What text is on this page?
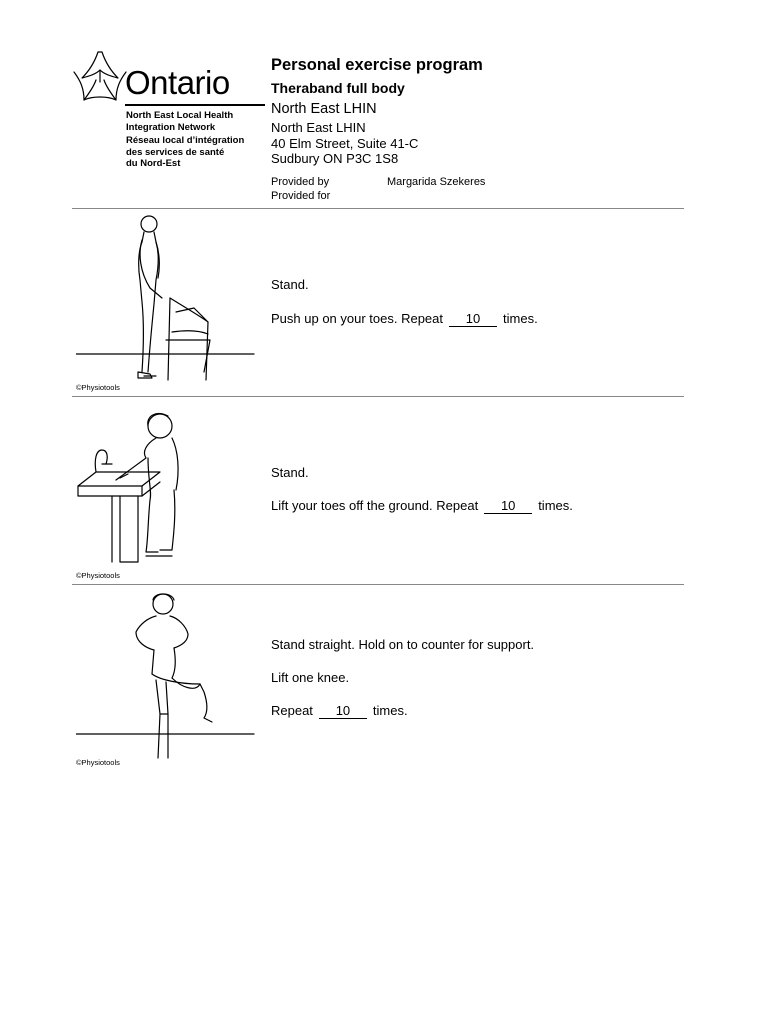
Ontario
North East Local Health
Integration Network
Réseau local d’intégration
des services de santé
du Nord-Est
Personal exercise program
Theraband full body
North East LHIN
North East LHIN
40 Elm Street, Suite 41-C
Sudbury ON P3C 1S8
Provided by	Margarida Szekeres
Provided for
©Physiotools
Stand.
Push up on your toes. Repeat 10 times.
©Physiotools
Stand.
Lift your toes off the ground. Repeat 10 times.
©Physiotools
Stand straight. Hold on to counter for support.
Lift one knee.
Repeat 10 times.
